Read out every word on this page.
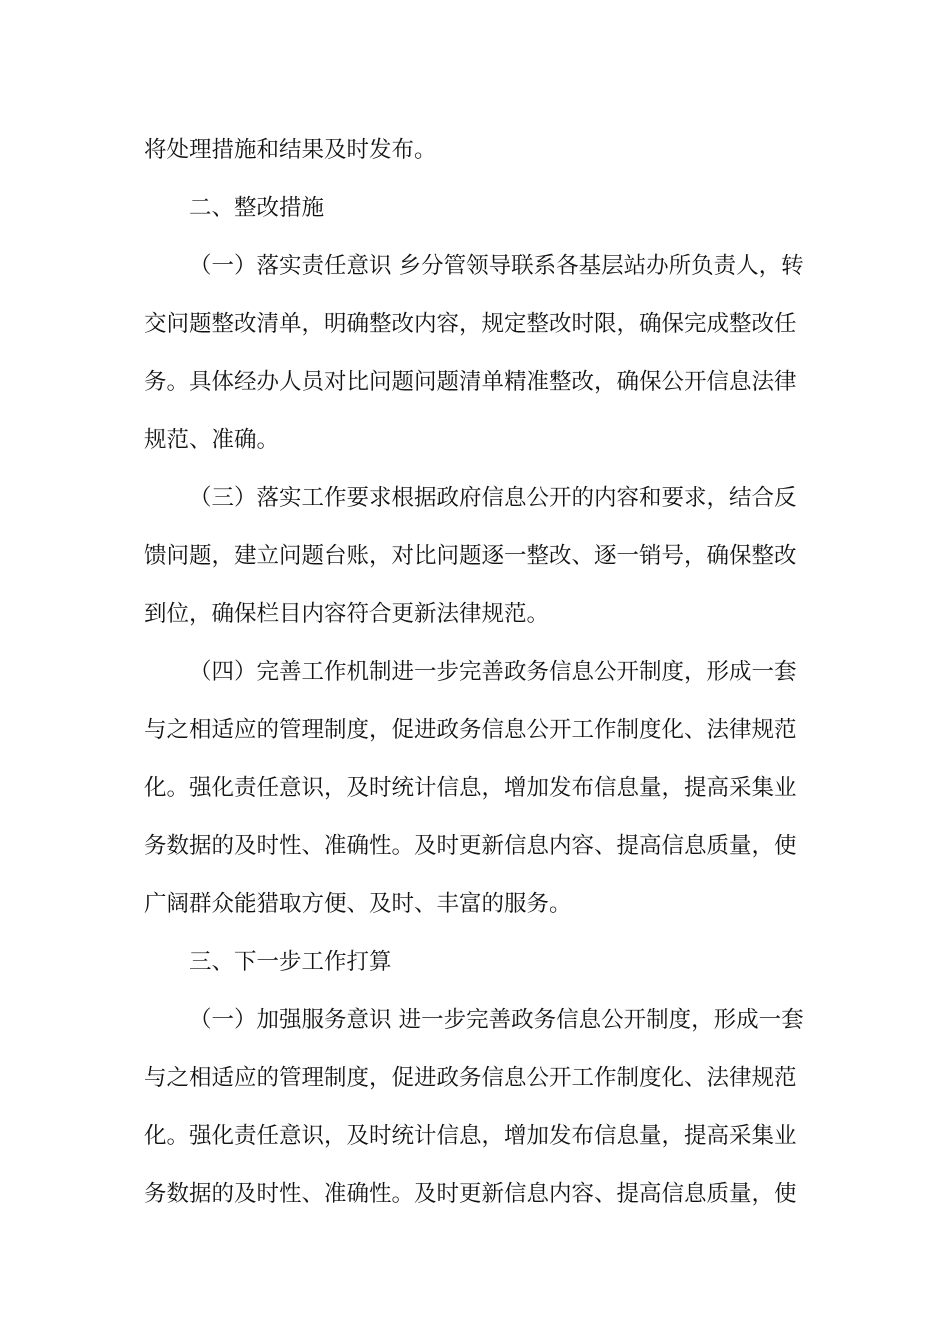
将处理措施和结果及时发布。
二、整改措施
（一）落实责任意识 乡分管领导联系各基层站办所负责人，转
交问题整改清单，明确整改内容，规定整改时限，确保完成整改任
务。具体经办人员对比问题问题清单精准整改，确保公开信息法律
规范、准确。
（三）落实工作要求根据政府信息公开的内容和要求，结合反
馈问题，建立问题台账，对比问题逐一整改、逐一销号，确保整改
到位，确保栏目内容符合更新法律规范。
（四）完善工作机制进一步完善政务信息公开制度，形成一套
与之相适应的管理制度，促进政务信息公开工作制度化、法律规范
化。强化责任意识，及时统计信息，增加发布信息量，提高采集业
务数据的及时性、准确性。及时更新信息内容、提高信息质量，使
广阔群众能猎取方便、及时、丰富的服务。
三、下一步工作打算
（一）加强服务意识 进一步完善政务信息公开制度，形成一套
与之相适应的管理制度，促进政务信息公开工作制度化、法律规范
化。强化责任意识，及时统计信息，增加发布信息量，提高采集业
务数据的及时性、准确性。及时更新信息内容、提高信息质量，使
